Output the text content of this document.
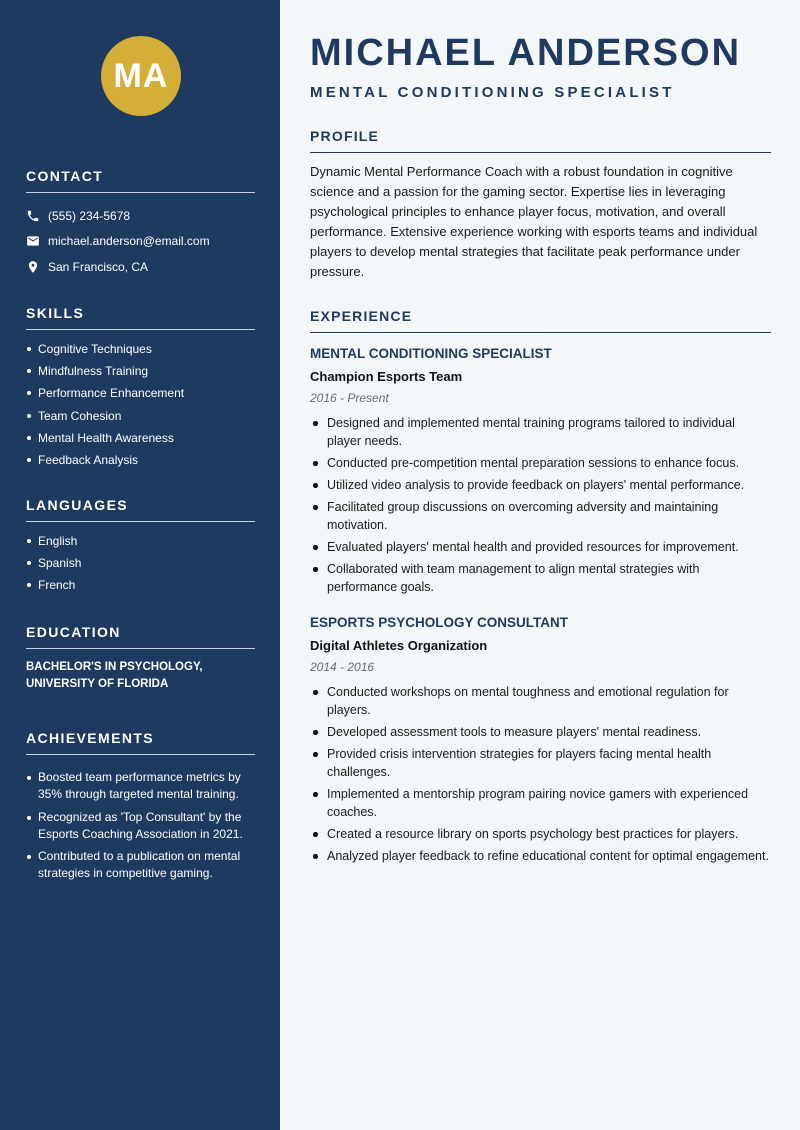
MA
CONTACT
(555) 234-5678
michael.anderson@email.com
San Francisco, CA
SKILLS
Cognitive Techniques
Mindfulness Training
Performance Enhancement
Team Cohesion
Mental Health Awareness
Feedback Analysis
LANGUAGES
English
Spanish
French
EDUCATION
BACHELOR'S IN PSYCHOLOGY, UNIVERSITY OF FLORIDA
ACHIEVEMENTS
Boosted team performance metrics by 35% through targeted mental training.
Recognized as 'Top Consultant' by the Esports Coaching Association in 2021.
Contributed to a publication on mental strategies in competitive gaming.
MICHAEL ANDERSON
MENTAL CONDITIONING SPECIALIST
PROFILE

Dynamic Mental Performance Coach with a robust foundation in cognitive science and a passion for the gaming sector. Expertise lies in leveraging psychological principles to enhance player focus, motivation, and overall performance. Extensive experience working with esports teams and individual players to develop mental strategies that facilitate peak performance under pressure.

EXPERIENCE
MENTAL CONDITIONING SPECIALIST
Champion Esports Team
2016 - Present
Designed and implemented mental training programs tailored to individual player needs.
Conducted pre-competition mental preparation sessions to enhance focus.
Utilized video analysis to provide feedback on players' mental performance.
Facilitated group discussions on overcoming adversity and maintaining motivation.
Evaluated players' mental health and provided resources for improvement.
Collaborated with team management to align mental strategies with performance goals.
ESPORTS PSYCHOLOGY CONSULTANT
Digital Athletes Organization
2014 - 2016
Conducted workshops on mental toughness and emotional regulation for players.
Developed assessment tools to measure players' mental readiness.
Provided crisis intervention strategies for players facing mental health challenges.
Implemented a mentorship program pairing novice gamers with experienced coaches.
Created a resource library on sports psychology best practices for players.
Analyzed player feedback to refine educational content for optimal engagement.
